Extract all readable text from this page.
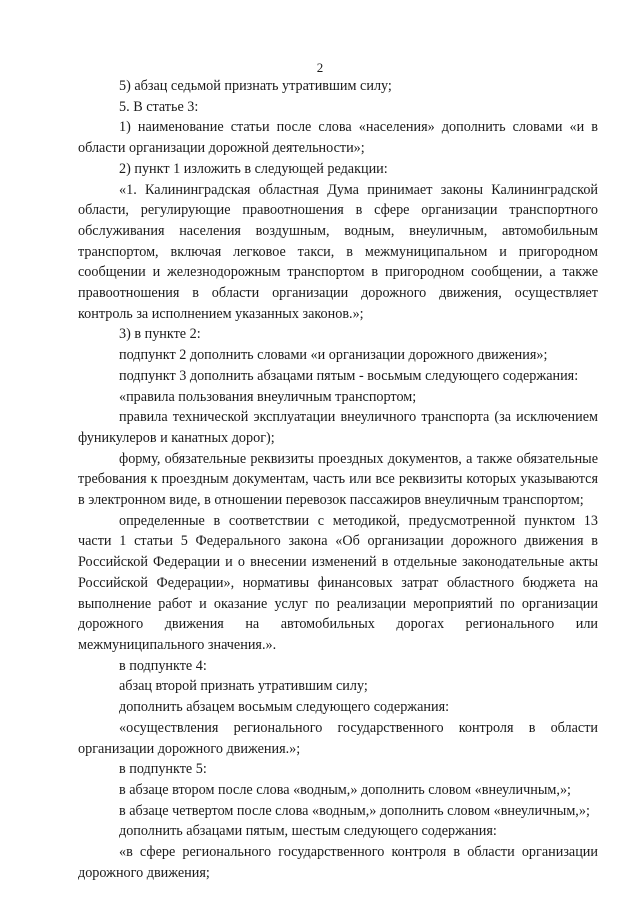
2

5) абзац седьмой признать утратившим силу;

5. В статье 3:

1) наименование статьи после слова «населения» дополнить словами «и в области организации дорожной деятельности»;

2) пункт 1 изложить в следующей редакции:

«1. Калининградская областная Дума принимает законы Калининградской области, регулирующие правоотношения в сфере организации транспортного обслуживания населения воздушным, водным, внеуличным, автомобильным транспортом, включая легковое такси, в межмуниципальном и пригородном сообщении и железнодорожным транспортом в пригородном сообщении, а также правоотношения в области организации дорожного движения, осуществляет контроль за исполнением указанных законов.»;

3) в пункте 2:

подпункт 2 дополнить словами «и организации дорожного движения»;

подпункт 3 дополнить абзацами пятым - восьмым следующего содержания:

«правила пользования внеуличным транспортом;

правила технической эксплуатации внеуличного транспорта (за исключением фуникулеров и канатных дорог);

форму, обязательные реквизиты проездных документов, а также обязательные требования к проездным документам, часть или все реквизиты которых указываются в электронном виде, в отношении перевозок пассажиров внеуличным транспортом;

определенные в соответствии с методикой, предусмотренной пунктом 13 части 1 статьи 5 Федерального закона «Об организации дорожного движения в Российской Федерации и о внесении изменений в отдельные законодательные акты Российской Федерации», нормативы финансовых затрат областного бюджета на выполнение работ и оказание услуг по реализации мероприятий по организации дорожного движения на автомобильных дорогах регионального или межмуниципального значения.».

в подпункте 4:

абзац второй признать утратившим силу;

дополнить абзацем восьмым следующего содержания:

«осуществления регионального государственного контроля в области организации дорожного движения.»;

в подпункте 5:

в абзаце втором после слова «водным,» дополнить словом «внеуличным,»;

в абзаце четвертом после слова «водным,» дополнить словом «внеуличным,»;

дополнить абзацами пятым, шестым следующего содержания:

«в сфере регионального государственного контроля в области организации дорожного движения;
